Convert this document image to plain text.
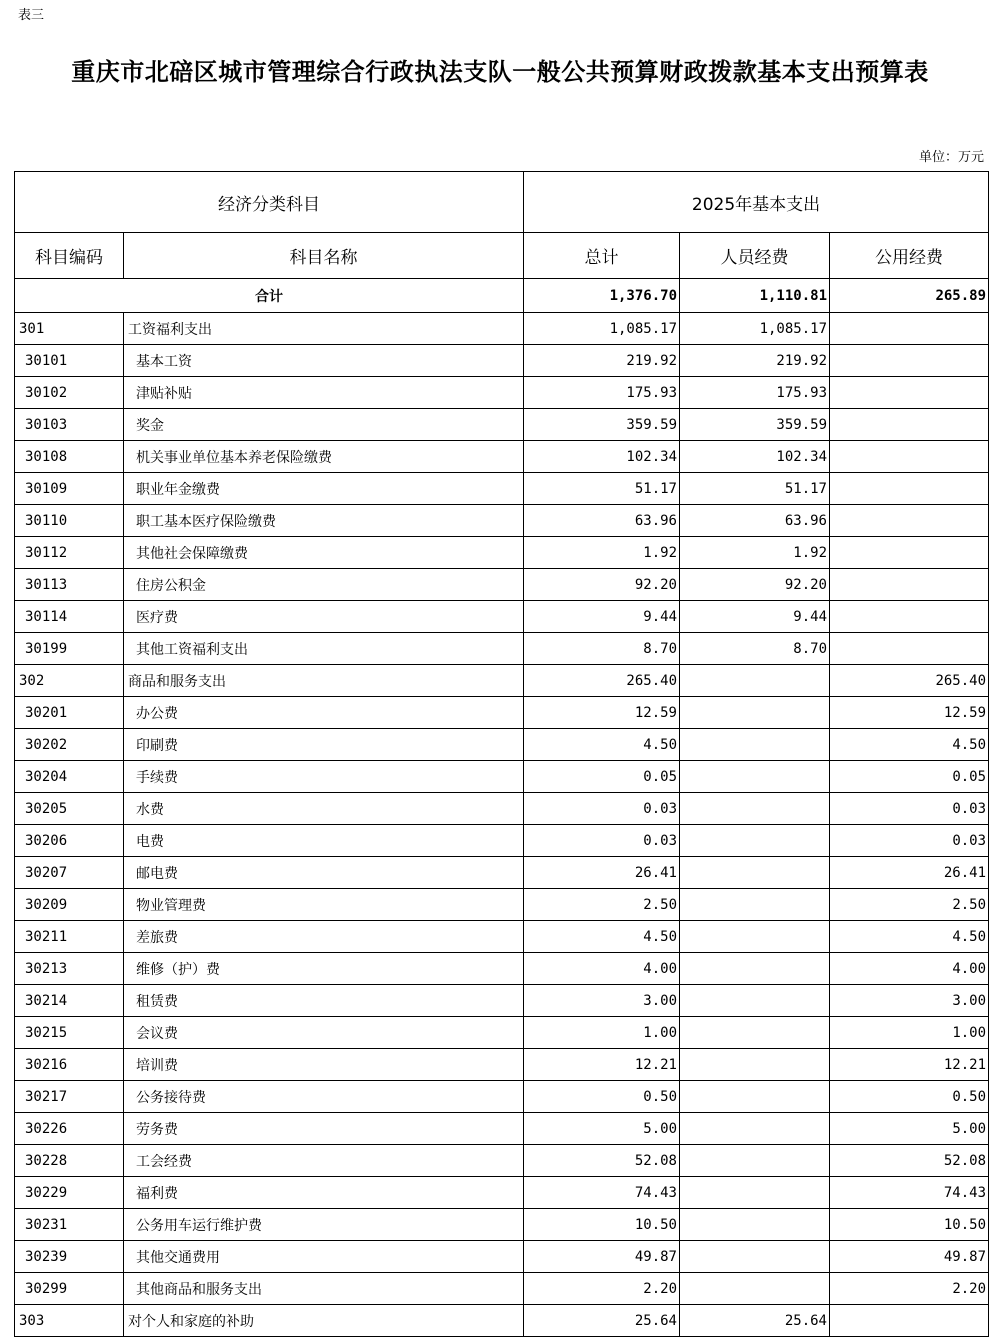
表三
重庆市北碚区城市管理综合行政执法支队一般公共预算财政拨款基本支出预算表
单位：万元
经济分类科目		2025年基本支出		
科目编码	科目名称	总计	人员经费	公用经费
合计		1,376.70	1,110.81	265.89
301	工资福利支出	1,085.17	1,085.17	
30101	基本工资	219.92	219.92	
30102	津贴补贴	175.93	175.93	
30103	奖金	359.59	359.59	
30108	机关事业单位基本养老保险缴费	102.34	102.34	
30109	职业年金缴费	51.17	51.17	
30110	职工基本医疗保险缴费	63.96	63.96	
30112	其他社会保障缴费	1.92	1.92	
30113	住房公积金	92.20	92.20	
30114	医疗费	9.44	9.44	
30199	其他工资福利支出	8.70	8.70	
302	商品和服务支出	265.40		265.40
30201	办公费	12.59		12.59
30202	印刷费	4.50		4.50
30204	手续费	0.05		0.05
30205	水费	0.03		0.03
30206	电费	0.03		0.03
30207	邮电费	26.41		26.41
30209	物业管理费	2.50		2.50
30211	差旅费	4.50		4.50
30213	维修（护）费	4.00		4.00
30214	租赁费	3.00		3.00
30215	会议费	1.00		1.00
30216	培训费	12.21		12.21
30217	公务接待费	0.50		0.50
30226	劳务费	5.00		5.00
30228	工会经费	52.08		52.08
30229	福利费	74.43		74.43
30231	公务用车运行维护费	10.50		10.50
30239	其他交通费用	49.87		49.87
30299	其他商品和服务支出	2.20		2.20
303	对个人和家庭的补助	25.64	25.64	
